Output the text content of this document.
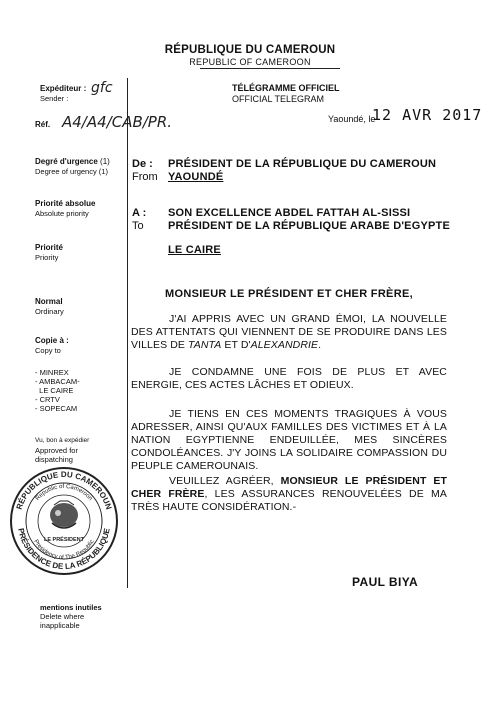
RÉPUBLIQUE DU CAMEROUN
REPUBLIC OF CAMEROON
TÉLÉGRAMME OFFICIEL
OFFICIAL TELEGRAM
Expéditeur :
Sender :
gfc
Réf. A4/A4/CAB/PR.	Yaoundé, le
12 AVR 2017
Degré d'urgence (1)
Degree of urgency (1)
Priorité absolue
Absolute priority
Priorité
Priority
Normal
Ordinary
Copie à :
Copy to
- MINREX
- AMBACAM-
LE CAIRE
- CRTV
- SOPECAM
Vu, bon à expédier
Approved for
dispatching
RÉPUBLIQUE DU CAMEROUN
Republic of Cameroon
Presidency of The Republic
PRÉSIDENCE DE LA RÉPUBLIQUE
LE PRÉSIDENT
mentions inutiles
Delete where
inapplicable
De :
From
PRÉSIDENT DE LA RÉPUBLIQUE DU CAMEROUN
YAOUNDÉ
A :
To
SON EXCELLENCE ABDEL FATTAH AL-SISSI
PRÉSIDENT DE LA RÉPUBLIQUE ARABE D'EGYPTE
LE CAIRE
MONSIEUR LE PRÉSIDENT ET CHER FRÈRE,

J'AI APPRIS AVEC UN GRAND ÉMOI, LA NOUVELLE DES ATTENTATS QUI VIENNENT DE SE PRODUIRE DANS LES VILLES DE TANTA ET D'ALEXANDRIE.

JE CONDAMNE UNE FOIS DE PLUS ET AVEC ENERGIE, CES ACTES LÂCHES ET ODIEUX.

JE TIENS EN CES MOMENTS TRAGIQUES À VOUS ADRESSER, AINSI QU'AUX FAMILLES DES VICTIMES ET À LA NATION EGYPTIENNE ENDEUILLÉE, MES SINCÈRES CONDOLÉANCES. J'Y JOINS LA SOLIDAIRE COMPASSION DU PEUPLE CAMEROUNAIS.

VEUILLEZ AGRÉER, MONSIEUR LE PRÉSIDENT ET CHER FRÈRE, LES ASSURANCES RENOUVELÉES DE MA TRÈS HAUTE CONSIDÉRATION.-

PAUL BIYA
